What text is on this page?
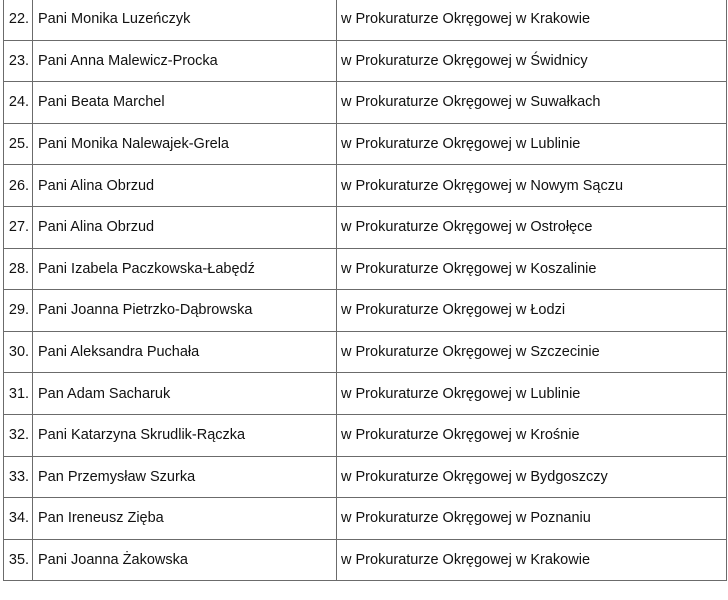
22.	Pani Monika Luzeńczyk	w Prokuraturze Okręgowej w Krakowie
23.	Pani Anna Malewicz-Procka	w Prokuraturze Okręgowej w Świdnicy
24.	Pani Beata Marchel	w Prokuraturze Okręgowej w Suwałkach
25.	Pani Monika Nalewajek-Grela	w Prokuraturze Okręgowej w Lublinie
26.	Pani Alina Obrzud	w Prokuraturze Okręgowej w Nowym Sączu
27.	Pani Alina Obrzud	w Prokuraturze Okręgowej w Ostrołęce
28.	Pani Izabela Paczkowska-Łabędź	w Prokuraturze Okręgowej w Koszalinie
29.	Pani Joanna Pietrzko-Dąbrowska	w Prokuraturze Okręgowej w Łodzi
30.	Pani Aleksandra Puchała	w Prokuraturze Okręgowej w Szczecinie
31.	Pan Adam Sacharuk	w Prokuraturze Okręgowej w Lublinie
32.	Pani Katarzyna Skrudlik-Rączka	w Prokuraturze Okręgowej w Krośnie
33.	Pan Przemysław Szurka	w Prokuraturze Okręgowej w Bydgoszczy
34.	Pan Ireneusz Zięba	w Prokuraturze Okręgowej w Poznaniu
35.	Pani Joanna Żakowska	w Prokuraturze Okręgowej w Krakowie
